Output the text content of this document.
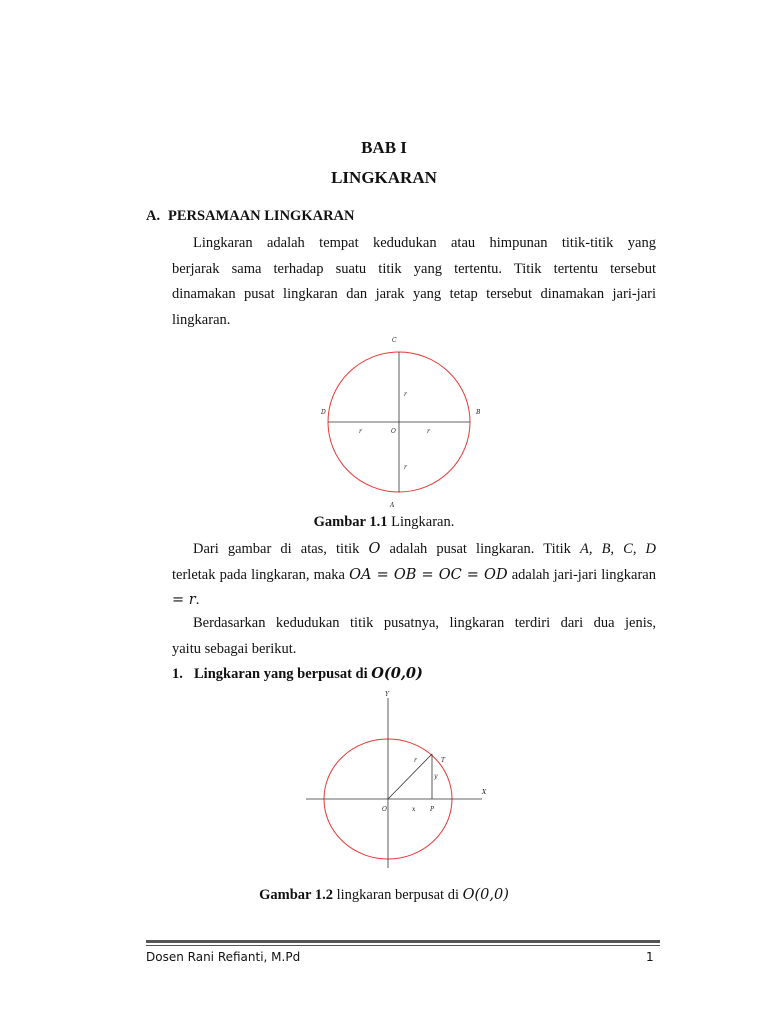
BAB I
LINGKARAN
A. PERSAMAAN LINGKARAN
Lingkaran adalah tempat kedudukan atau himpunan titik-titik yang
berjarak sama terhadap suatu titik yang tertentu. Titik tertentu tersebut
dinamakan pusat lingkaran dan jarak yang tetap tersebut dinamakan jari-jari
lingkaran.
C
A
D	B
O
r
r
r	r
Gambar 1.1 Lingkaran.
Dari gambar di atas, titik O adalah pusat lingkaran. Titik A, B, C, D
terletak pada lingkaran, maka OA = OB = OC = OD adalah jari-jari lingkaran
= r.
Berdasarkan kedudukan titik pusatnya, lingkaran terdiri dari dua jenis,
yaitu sebagai berikut.
1. Lingkaran yang berpusat di O(0,0)
Y
X
O
T
P
r
x
y
Gambar 1.2 lingkaran berpusat di O(0,0)
Dosen Rani Refianti, M.Pd	1
